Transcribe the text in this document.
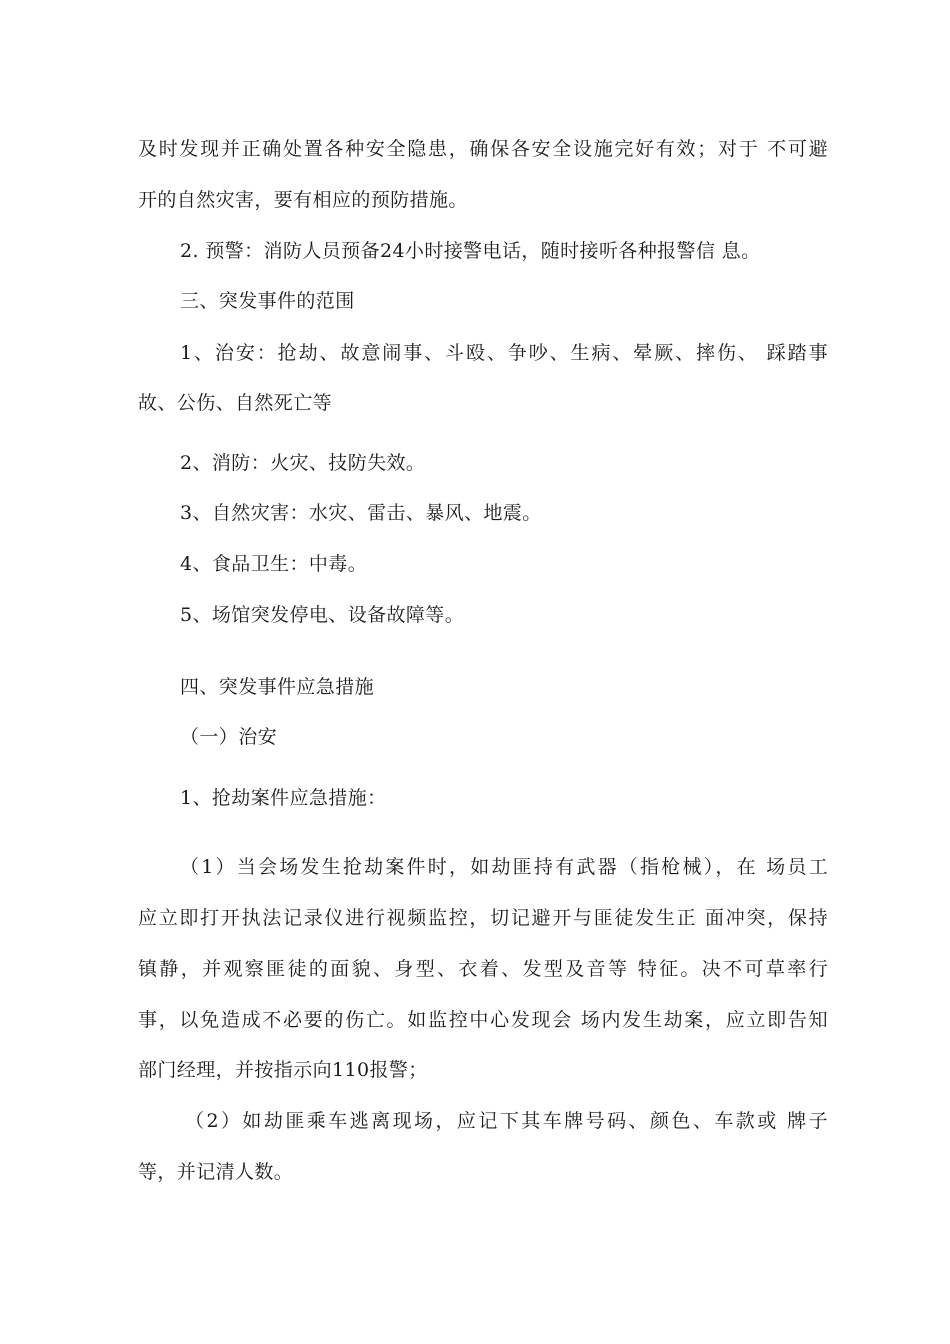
及时发现并正确处置各种安全隐患，确保各安全设施完好有效；对于 不可避
开的自然灾害，要有相应的预防措施。
2. 预警：消防人员预备24小时接警电话，随时接听各种报警信 息。
三、突发事件的范围
1、治安：抢劫、故意闹事、斗殴、争吵、生病、晕厥、摔伤、 踩踏事
故、公伤、自然死亡等
2、消防：火灾、技防失效。
3、自然灾害：水灾、雷击、暴风、地震。
4、食品卫生：中毒。
5、场馆突发停电、设备故障等。
四、突发事件应急措施
（一）治安
1、抢劫案件应急措施：
（1）当会场发生抢劫案件时，如劫匪持有武器（指枪械），在 场员工
应立即打开执法记录仪进行视频监控，切记避开与匪徒发生正 面冲突，保持
镇静，并观察匪徒的面貌、身型、衣着、发型及音等 特征。决不可草率行
事，以免造成不必要的伤亡。如监控中心发现会 场内发生劫案，应立即告知
部门经理，并按指示向110报警；
（2）如劫匪乘车逃离现场，应记下其车牌号码、颜色、车款或 牌子
等，并记清人数。
